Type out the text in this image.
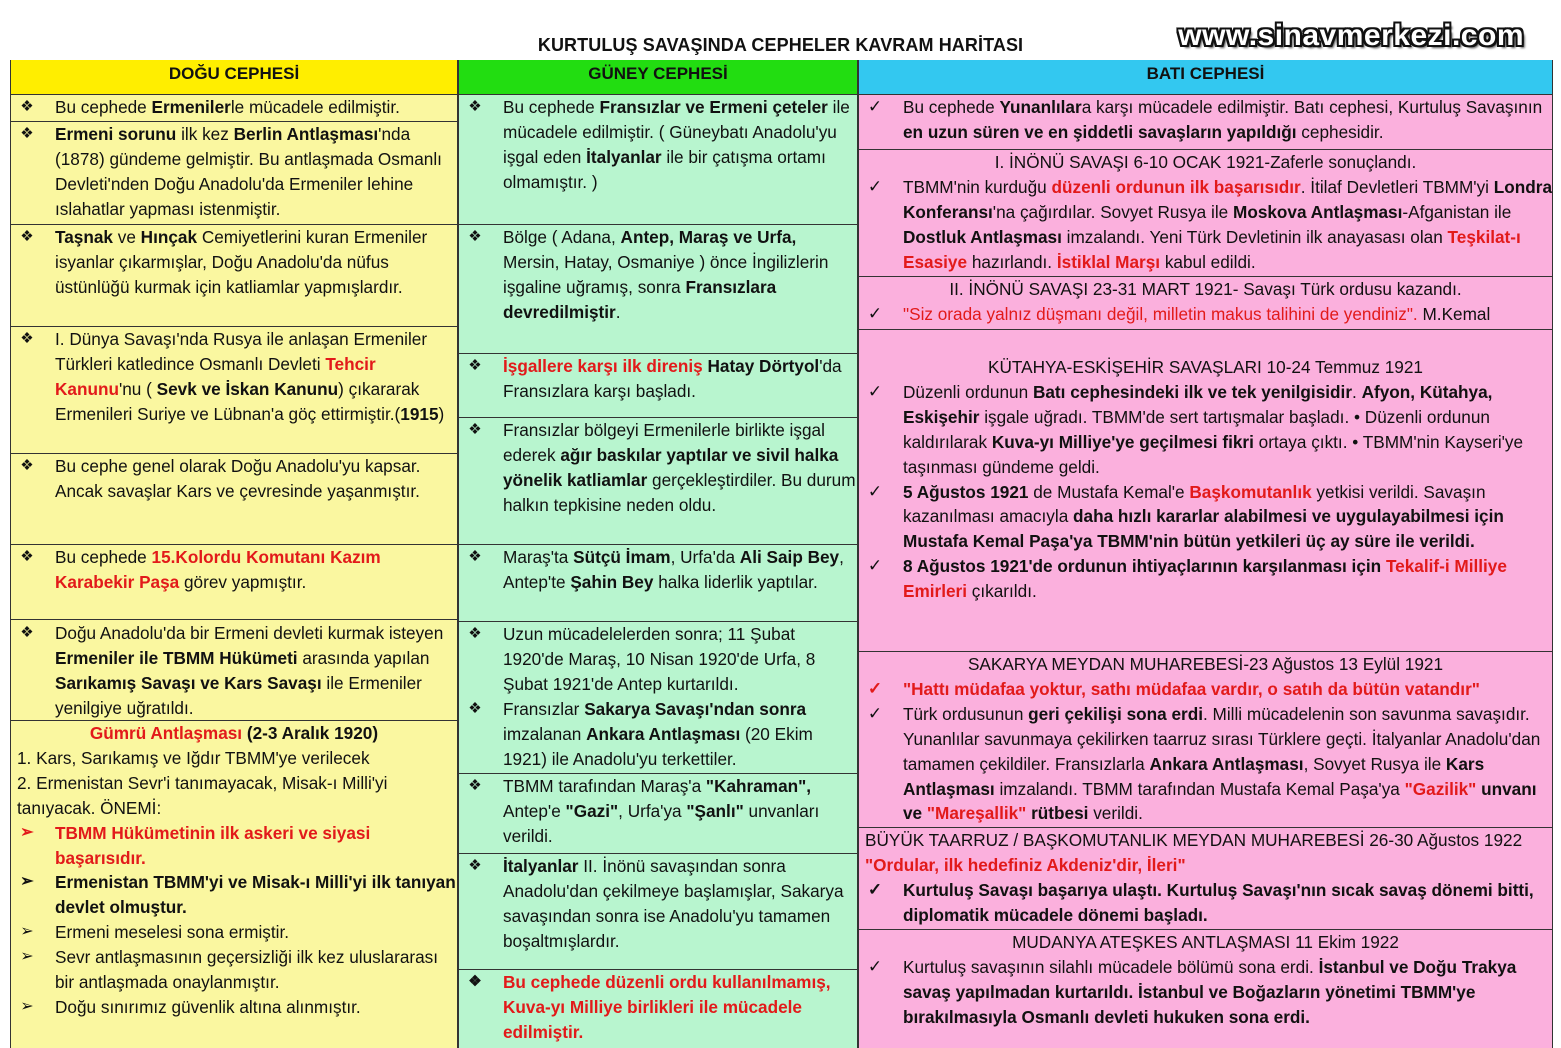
KURTULUŞ SAVAŞINDA CEPHELER KAVRAM HARİTASI	www.sinavmerkezi.com
DOĞU CEPHESİ
❖ Bu cephede Ermenilerle mücadele edilmiştir.
❖ Ermeni sorunu ilk kez Berlin Antlaşması'nda (1878) gündeme gelmiştir. Bu antlaşmada Osmanlı Devleti'nden Doğu Anadolu'da Ermeniler lehine ıslahatlar yapması istenmiştir.
❖ Taşnak ve Hınçak Cemiyetlerini kuran Ermeniler isyanlar çıkarmışlar, Doğu Anadolu'da nüfus üstünlüğü kurmak için katliamlar yapmışlardır.
❖ I. Dünya Savaşı'nda Rusya ile anlaşan Ermeniler Türkleri katledince Osmanlı Devleti Tehcir Kanunu'nu ( Sevk ve İskan Kanunu) çıkararak Ermenileri Suriye ve Lübnan'a göç ettirmiştir.(1915)
❖ Bu cephe genel olarak Doğu Anadolu'yu kapsar. Ancak savaşlar Kars ve çevresinde yaşanmıştır.
❖ Bu cephede 15.Kolordu Komutanı Kazım Karabekir Paşa görev yapmıştır.
❖ Doğu Anadolu'da bir Ermeni devleti kurmak isteyen Ermeniler ile TBMM Hükümeti arasında yapılan Sarıkamış Savaşı ve Kars Savaşı ile Ermeniler yenilgiye uğratıldı.
Gümrü Antlaşması (2-3 Aralık 1920)
1. Kars, Sarıkamış ve Iğdır TBMM'ye verilecek
2. Ermenistan Sevr'i tanımayacak, Misak-ı Milli'yi tanıyacak. ÖNEMİ:
➢ TBMM Hükümetinin ilk askeri ve siyasi başarısıdır.
➢ Ermenistan TBMM'yi ve Misak-ı Milli'yi ilk tanıyan devlet olmuştur.
➢ Ermeni meselesi sona ermiştir.
➢ Sevr antlaşmasının geçersizliği ilk kez uluslararası bir antlaşmada onaylanmıştır.
➢ Doğu sınırımız güvenlik altına alınmıştır.
GÜNEY CEPHESİ
❖ Bu cephede Fransızlar ve Ermeni çeteler ile mücadele edilmiştir. ( Güneybatı Anadolu'yu işgal eden İtalyanlar ile bir çatışma ortamı olmamıştır. )
❖ Bölge ( Adana, Antep, Maraş ve Urfa, Mersin, Hatay, Osmaniye ) önce İngilizlerin işgaline uğramış, sonra Fransızlara devredilmiştir.
❖ İşgallere karşı ilk direniş Hatay Dörtyol'da Fransızlara karşı başladı.
❖ Fransızlar bölgeyi Ermenilerle birlikte işgal ederek ağır baskılar yaptılar ve sivil halka yönelik katliamlar gerçekleştirdiler. Bu durum halkın tepkisine neden oldu.
❖ Maraş'ta Sütçü İmam, Urfa'da Ali Saip Bey, Antep'te Şahin Bey halka liderlik yaptılar.
❖ Uzun mücadelelerden sonra; 11 Şubat 1920'de Maraş, 10 Nisan 1920'de Urfa, 8 Şubat 1921'de Antep kurtarıldı.
❖ Fransızlar Sakarya Savaşı'ndan sonra imzalanan Ankara Antlaşması (20 Ekim 1921) ile Anadolu'yu terkettiler.
❖ TBMM tarafından Maraş'a "Kahraman", Antep'e "Gazi", Urfa'ya "Şanlı" unvanları verildi.
❖ İtalyanlar II. İnönü savaşından sonra Anadolu'dan çekilmeye başlamışlar, Sakarya savaşından sonra ise Anadolu'yu tamamen boşaltmışlardır.
❖ Bu cephede düzenli ordu kullanılmamış, Kuva-yı Milliye birlikleri ile mücadele edilmiştir.
BATI CEPHESİ
✓ Bu cephede Yunanlılara karşı mücadele edilmiştir. Batı cephesi, Kurtuluş Savaşının en uzun süren ve en şiddetli savaşların yapıldığı cephesidir.
I. İNÖNÜ SAVAŞI 6-10 OCAK 1921-Zaferle sonuçlandı.
✓ TBMM'nin kurduğu düzenli ordunun ilk başarısıdır. İtilaf Devletleri TBMM'yi Londra Konferansı'na çağırdılar. Sovyet Rusya ile Moskova Antlaşması-Afganistan ile Dostluk Antlaşması imzalandı. Yeni Türk Devletinin ilk anayasası olan Teşkilat-ı Esasiye hazırlandı. İstiklal Marşı kabul edildi.
II. İNÖNÜ SAVAŞI 23-31 MART 1921- Savaşı Türk ordusu kazandı.
✓ "Siz orada yalnız düşmanı değil, milletin makus talihini de yendiniz". M.Kemal
KÜTAHYA-ESKİŞEHİR SAVAŞLARI 10-24 Temmuz 1921
✓ Düzenli ordunun Batı cephesindeki ilk ve tek yenilgisidir. Afyon, Kütahya, Eskişehir işgale uğradı. TBMM'de sert tartışmalar başladı. • Düzenli ordunun kaldırılarak Kuva-yı Milliye'ye geçilmesi fikri ortaya çıktı. • TBMM'nin Kayseri'ye taşınması gündeme geldi.
✓ 5 Ağustos 1921 de Mustafa Kemal'e Başkomutanlık yetkisi verildi. Savaşın kazanılması amacıyla daha hızlı kararlar alabilmesi ve uygulayabilmesi için Mustafa Kemal Paşa'ya TBMM'nin bütün yetkileri üç ay süre ile verildi.
✓ 8 Ağustos 1921'de ordunun ihtiyaçlarının karşılanması için Tekalif-i Milliye Emirleri çıkarıldı.
SAKARYA MEYDAN MUHAREBESİ-23 Ağustos 13 Eylül 1921
✓ "Hattı müdafaa yoktur, sathı müdafaa vardır, o satıh da bütün vatandır"
✓ Türk ordusunun geri çekilişi sona erdi. Milli mücadelenin son savunma savaşıdır. Yunanlılar savunmaya çekilirken taarruz sırası Türklere geçti. İtalyanlar Anadolu'dan tamamen çekildiler. Fransızlarla Ankara Antlaşması, Sovyet Rusya ile Kars Antlaşması imzalandı. TBMM tarafından Mustafa Kemal Paşa'ya "Gazilik" unvanı ve "Mareşallik" rütbesi verildi.
BÜYÜK TAARRUZ / BAŞKOMUTANLIK MEYDAN MUHAREBESİ 26-30 Ağustos 1922
"Ordular, ilk hedefiniz Akdeniz'dir, İleri"
✓ Kurtuluş Savaşı başarıya ulaştı. Kurtuluş Savaşı'nın sıcak savaş dönemi bitti, diplomatik mücadele dönemi başladı.
MUDANYA ATEŞKES ANTLAŞMASI 11 Ekim 1922
✓ Kurtuluş savaşının silahlı mücadele bölümü sona erdi. İstanbul ve Doğu Trakya savaş yapılmadan kurtarıldı. İstanbul ve Boğazların yönetimi TBMM'ye bırakılmasıyla Osmanlı devleti hukuken sona erdi.
